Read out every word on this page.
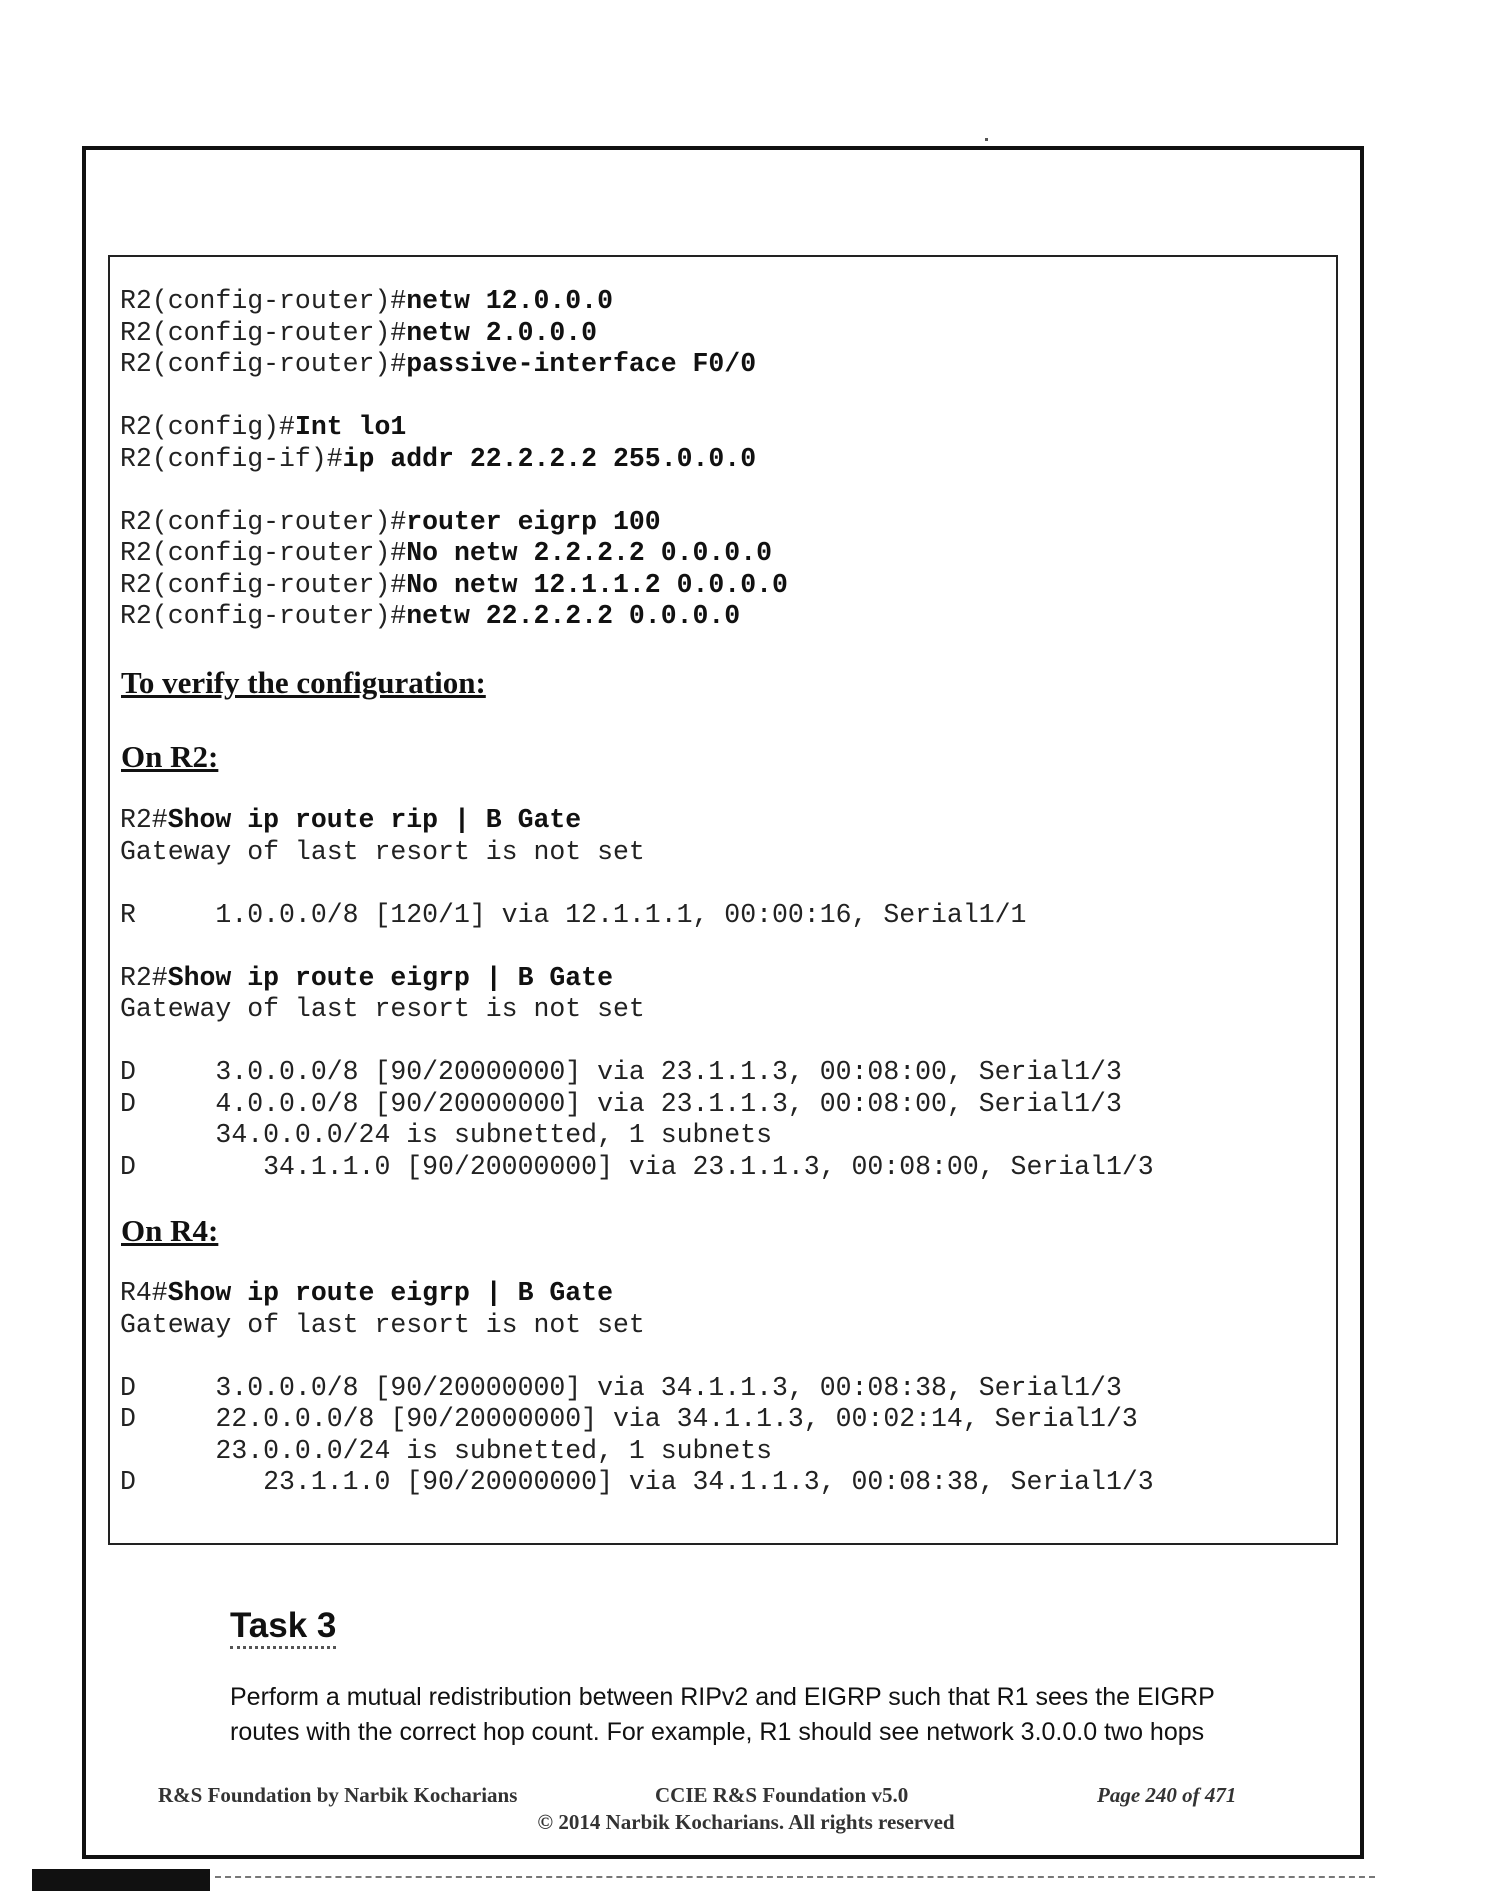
R2(config-router)#netw 12.0.0.0
R2(config-router)#netw 2.0.0.0
R2(config-router)#passive-interface F0/0
R2(config)#Int lo1
R2(config-if)#ip addr 22.2.2.2 255.0.0.0
R2(config-router)#router eigrp 100
R2(config-router)#No netw 2.2.2.2 0.0.0.0
R2(config-router)#No netw 12.1.1.2 0.0.0.0
R2(config-router)#netw 22.2.2.2 0.0.0.0
To verify the configuration:
On R2:
R2#Show ip route rip | B Gate
Gateway of last resort is not set
R     1.0.0.0/8 [120/1] via 12.1.1.1, 00:00:16, Serial1/1
R2#Show ip route eigrp | B Gate
Gateway of last resort is not set
D     3.0.0.0/8 [90/20000000] via 23.1.1.3, 00:08:00, Serial1/3
D     4.0.0.0/8 [90/20000000] via 23.1.1.3, 00:08:00, Serial1/3
34.0.0.0/24 is subnetted, 1 subnets
D        34.1.1.0 [90/20000000] via 23.1.1.3, 00:08:00, Serial1/3
On R4:
R4#Show ip route eigrp | B Gate
Gateway of last resort is not set
D     3.0.0.0/8 [90/20000000] via 34.1.1.3, 00:08:38, Serial1/3
D     22.0.0.0/8 [90/20000000] via 34.1.1.3, 00:02:14, Serial1/3
23.0.0.0/24 is subnetted, 1 subnets
D        23.1.1.0 [90/20000000] via 34.1.1.3, 00:08:38, Serial1/3
Task 3
Perform a mutual redistribution between RIPv2 and EIGRP such that R1 sees the EIGRP routes with the correct hop count. For example, R1 should see network 3.0.0.0 two hops
R&S Foundation by Narbik Kocharians	CCIE R&S Foundation v5.0	Page 240 of 471
© 2014 Narbik Kocharians. All rights reserved
